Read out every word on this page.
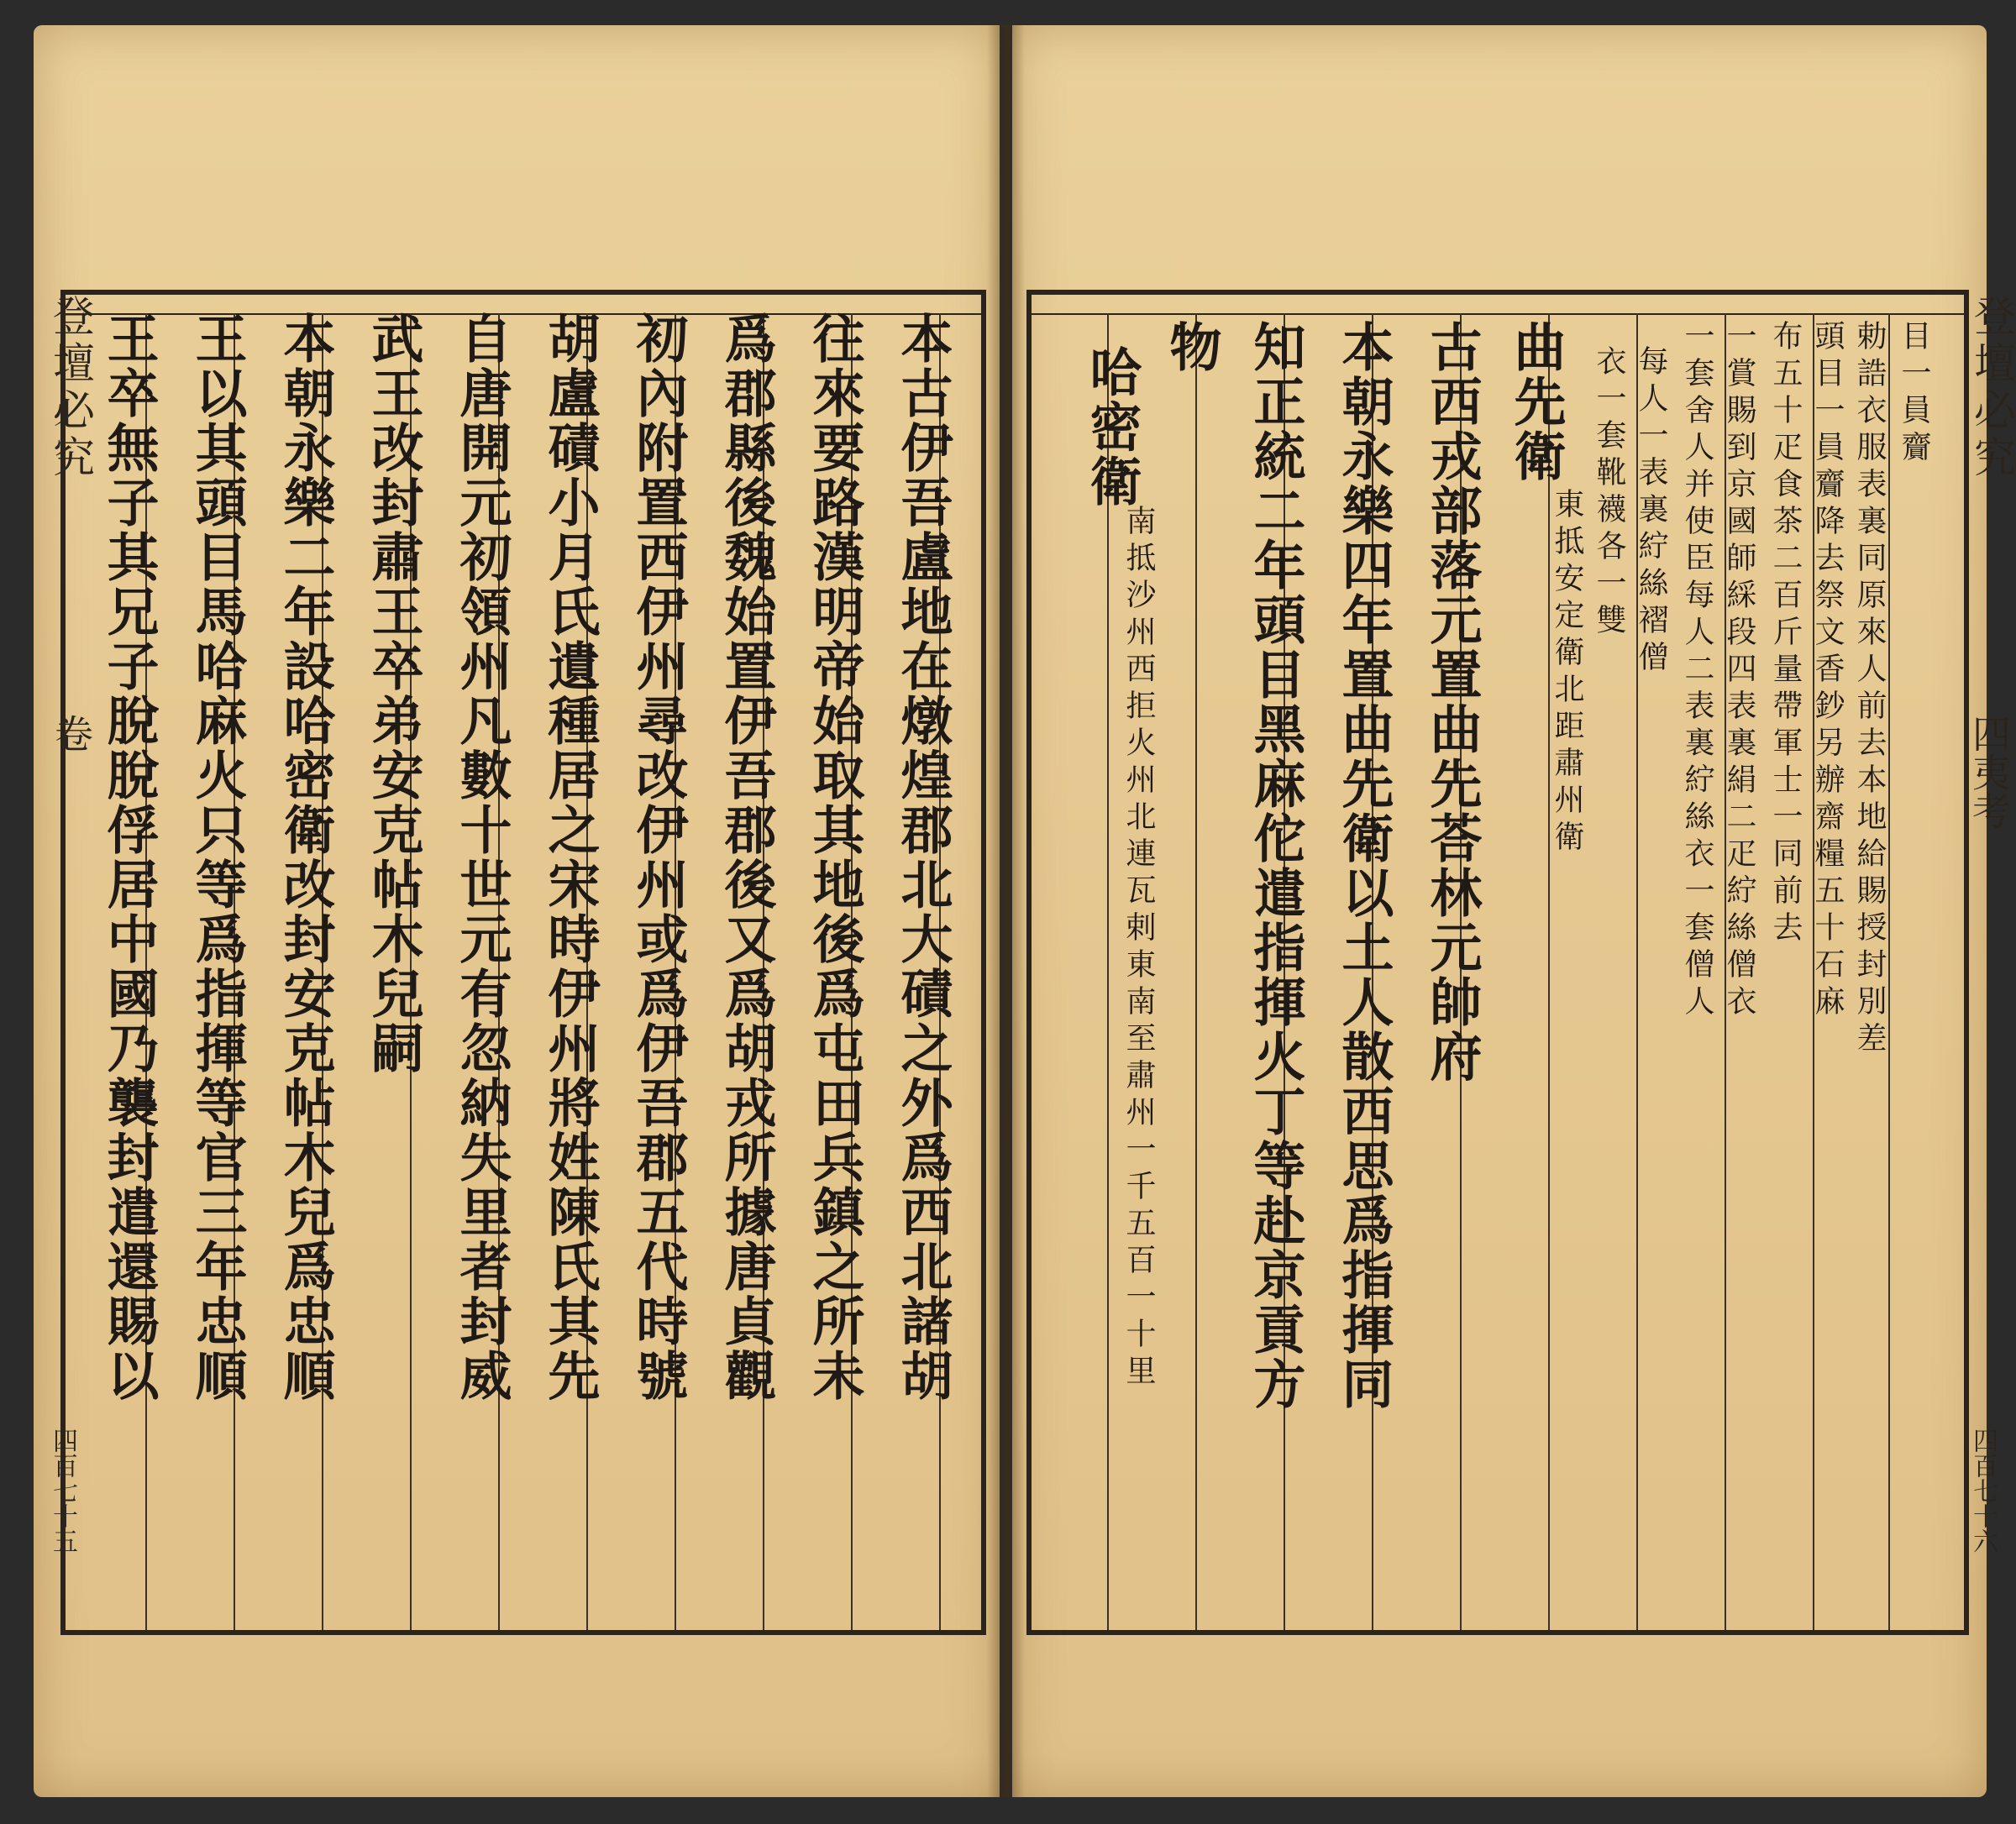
本古伊吾盧地在燉煌郡北大磧之外爲西北諸胡
往來要路漢明帝始取其地後爲屯田兵鎮之所未
爲郡縣後魏始置伊吾郡後又爲胡戎所據唐貞觀
初內附置西伊州尋改伊州或爲伊吾郡五代時號
胡盧磧小月氏遺種居之宋時伊州將姓陳氏其先
自唐開元初領州凡數十世元有忽納失里者封威
武王改封肅王卒弟安克帖木兒嗣
本朝永樂二年設哈密衛改封安克帖木兒爲忠順
王以其頭目馬哈麻火只等爲指揮等官三年忠順
王卒無子其兄子脫脫俘居中國乃襲封遣還賜以
登壇必究
卷
四百七十五
目一員齎
勅誥衣服表裏同原來人前去本地給賜授封別差
頭目一員齎降去祭文香鈔另辦齋糧五十石麻
布五十疋食茶二百斤量帶軍士一同前去
一賞賜到京國師綵段四表裏絹二疋紵絲僧衣
一套舍人并使臣每人二表裏紵絲衣一套僧人
每人一表裏紵絲褶僧
衣一套靴襪各一雙
曲先衛
東抵安定衛北距肅州衛
古西戎部落元置曲先荅林元帥府
本朝永樂四年置曲先衛以土人散西思爲指揮同
知正統二年頭目黑麻佗遣指揮火丁等赴京貢方
物
哈密衛
南抵沙州西拒火州北連瓦剌東南至肅州一千五百一十里
登壇必究
四夷考
四百七十六
